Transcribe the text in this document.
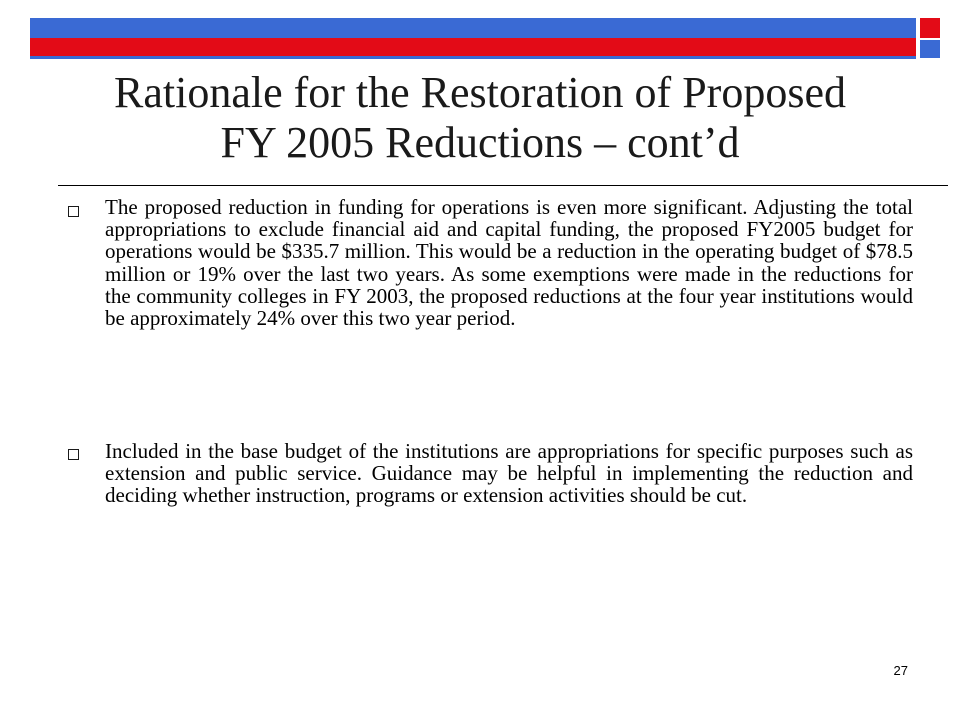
Rationale for the Restoration of Proposed
FY 2005 Reductions – cont’d
The proposed reduction in funding for operations is even more significant. Adjusting the total appropriations to exclude financial aid and capital funding, the proposed FY2005 budget for operations would be $335.7 million. This would be a reduction in the operating budget of $78.5 million or 19% over the last two years. As some exemptions were made in the reductions for the community colleges in FY 2003, the proposed reductions at the four year institutions would be approximately 24% over this two year period.
Included in the base budget of the institutions are appropriations for specific purposes such as extension and public service. Guidance may be helpful in implementing the reduction and deciding whether instruction, programs or extension activities should be cut.
27
